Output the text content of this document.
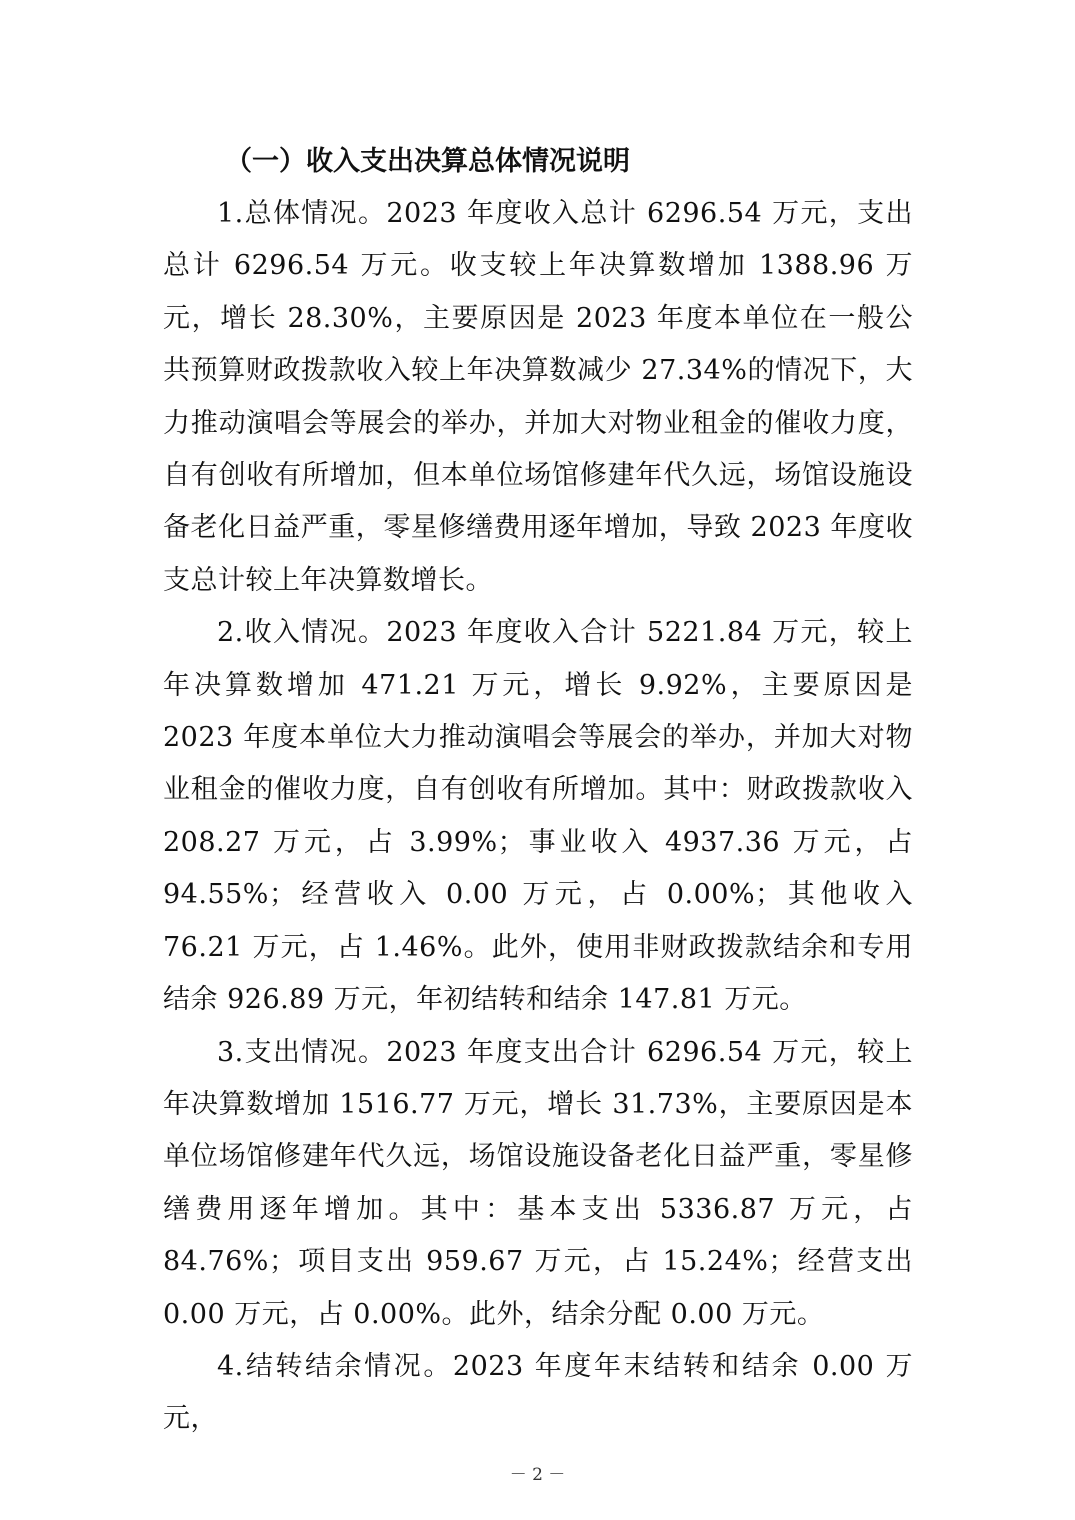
（一）收入支出决算总体情况说明

1.总体情况。2023 年度收入总计 6296.54 万元，支出总计 6296.54 万元。收支较上年决算数增加 1388.96 万元，增长 28.30%，主要原因是 2023 年度本单位在一般公共预算财政拨款收入较上年决算数减少 27.34%的情况下，大力推动演唱会等展会的举办，并加大对物业租金的催收力度，自有创收有所增加，但本单位场馆修建年代久远，场馆设施设备老化日益严重，零星修缮费用逐年增加，导致 2023 年度收支总计较上年决算数增长。

2.收入情况。2023 年度收入合计 5221.84 万元，较上年决算数增加 471.21 万元，增长 9.92%，主要原因是 2023 年度本单位大力推动演唱会等展会的举办，并加大对物业租金的催收力度，自有创收有所增加。其中：财政拨款收入 208.27 万元，占 3.99%；事业收入 4937.36 万元，占 94.55%；经营收入 0.00 万元，占 0.00%；其他收入 76.21 万元，占 1.46%。此外，使用非财政拨款结余和专用结余 926.89 万元，年初结转和结余 147.81 万元。

3.支出情况。2023 年度支出合计 6296.54 万元，较上年决算数增加 1516.77 万元，增长 31.73%，主要原因是本单位场馆修建年代久远，场馆设施设备老化日益严重，零星修缮费用逐年增加。其中：基本支出 5336.87 万元，占 84.76%；项目支出 959.67 万元，占 15.24%；经营支出 0.00 万元，占 0.00%。此外，结余分配 0.00 万元。

4.结转结余情况。2023 年度年末结转和结余 0.00 万元，

－ 2 －
